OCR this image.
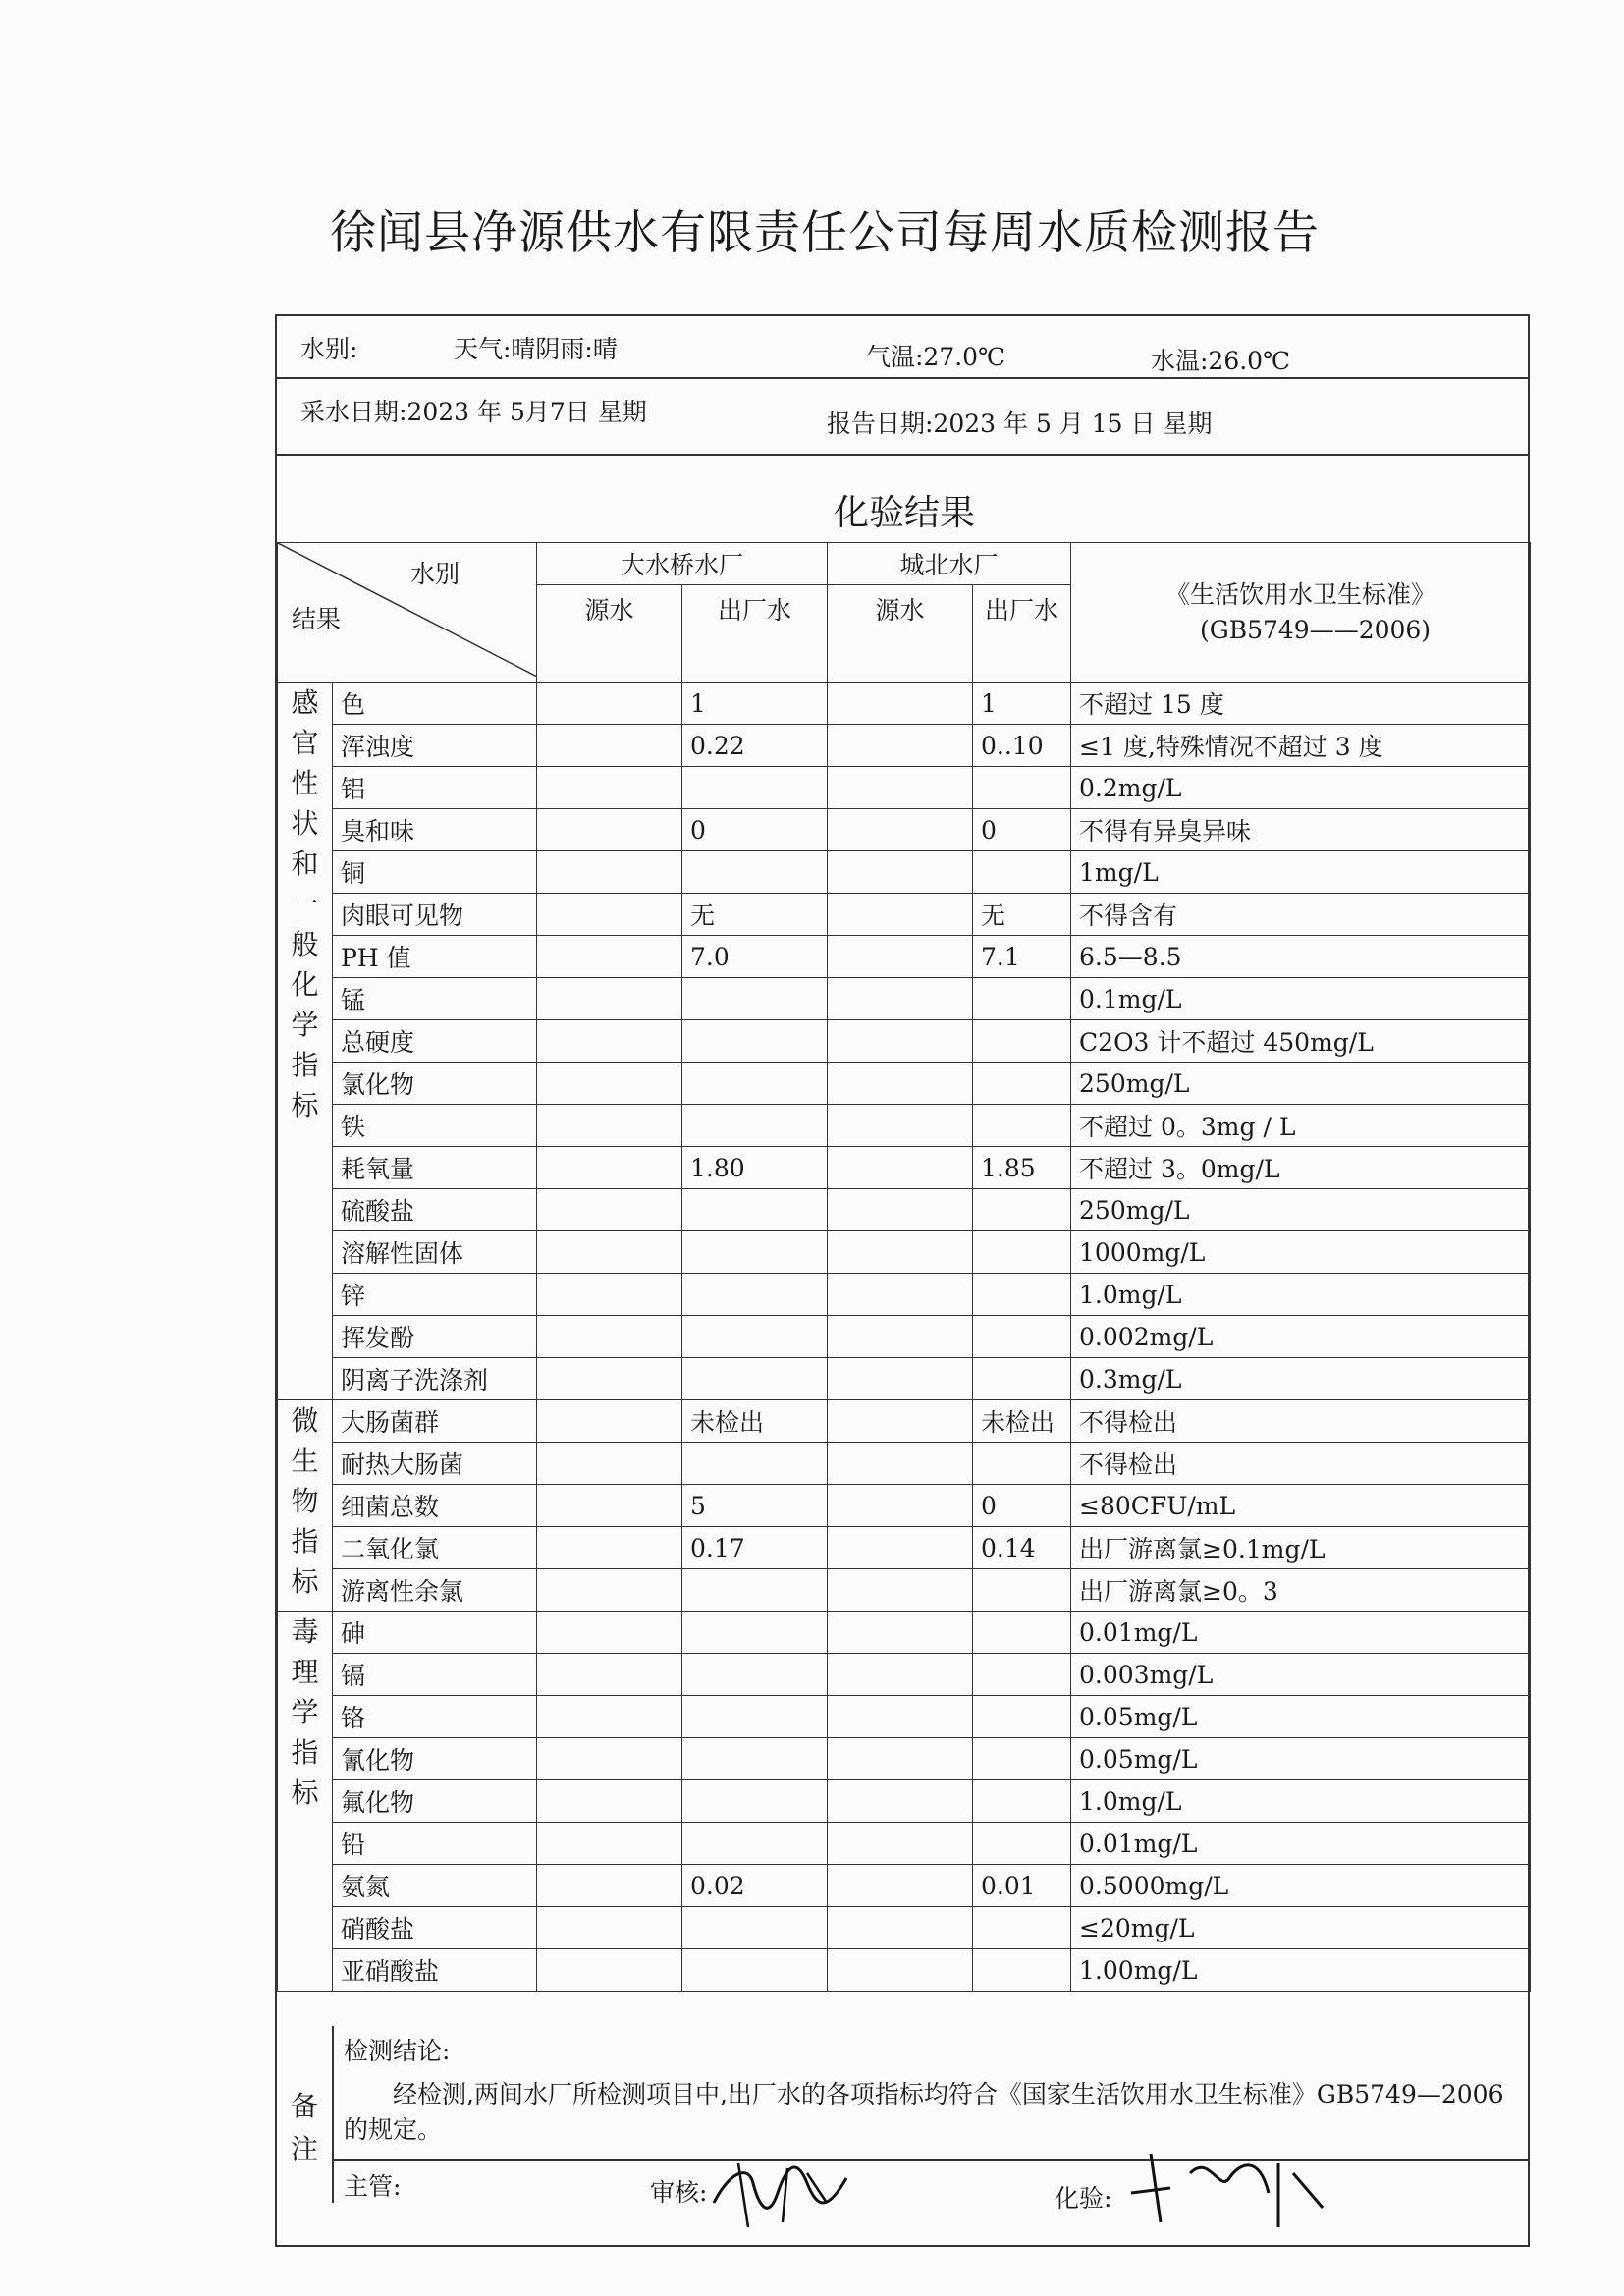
徐闻县净源供水有限责任公司每周水质检测报告
水别:	天气:晴阴雨:晴	气温:27.0℃	水温:26.0℃
采水日期:2023 年 5月7日 星期	报告日期:2023 年 5 月 15 日 星期
化验结果
水别
结果		大水桥水厂		城北水厂		《生活饮用水卫生标准》
(GB5749——2006)

		源水	出厂水	源水	出厂水	
感官性状和一般化学指标	色		1		1	不超过 15 度
	浑浊度		0.22		0..10	≤1 度,特殊情况不超过 3 度
	铝					0.2mg/L
	臭和味		0		0	不得有异臭异味
	铜					1mg/L
	肉眼可见物		无		无	不得含有
	PH 值		7.0		7.1	6.5—8.5
	锰					0.1mg/L
	总硬度					C2O3 计不超过 450mg/L
	氯化物					250mg/L
	铁					不超过 0。3mg / L
	耗氧量		1.80		1.85	不超过 3。0mg/L
	硫酸盐					250mg/L
	溶解性固体					1000mg/L
	锌					1.0mg/L
	挥发酚					0.002mg/L
	阴离子洗涤剂					0.3mg/L
微生物指标	大肠菌群		未检出		未检出	不得检出
	耐热大肠菌					不得检出
	细菌总数		5		0	≤80CFU/mL
	二氧化氯		0.17		0.14	出厂游离氯≥0.1mg/L
	游离性余氯					出厂游离氯≥0。3
毒理学指标	砷					0.01mg/L
	镉					0.003mg/L
	铬					0.05mg/L
	氰化物					0.05mg/L
	氟化物					1.0mg/L
	铅					0.01mg/L
	氨氮		0.02		0.01	0.5000mg/L
	硝酸盐					≤20mg/L
	亚硝酸盐					1.00mg/L
备
注
检测结论:
经检测,两间水厂所检测项目中,出厂水的各项指标均符合《国家生活饮用水卫生标准》GB5749—2006 的规定。
主管:	审核:	化验:
